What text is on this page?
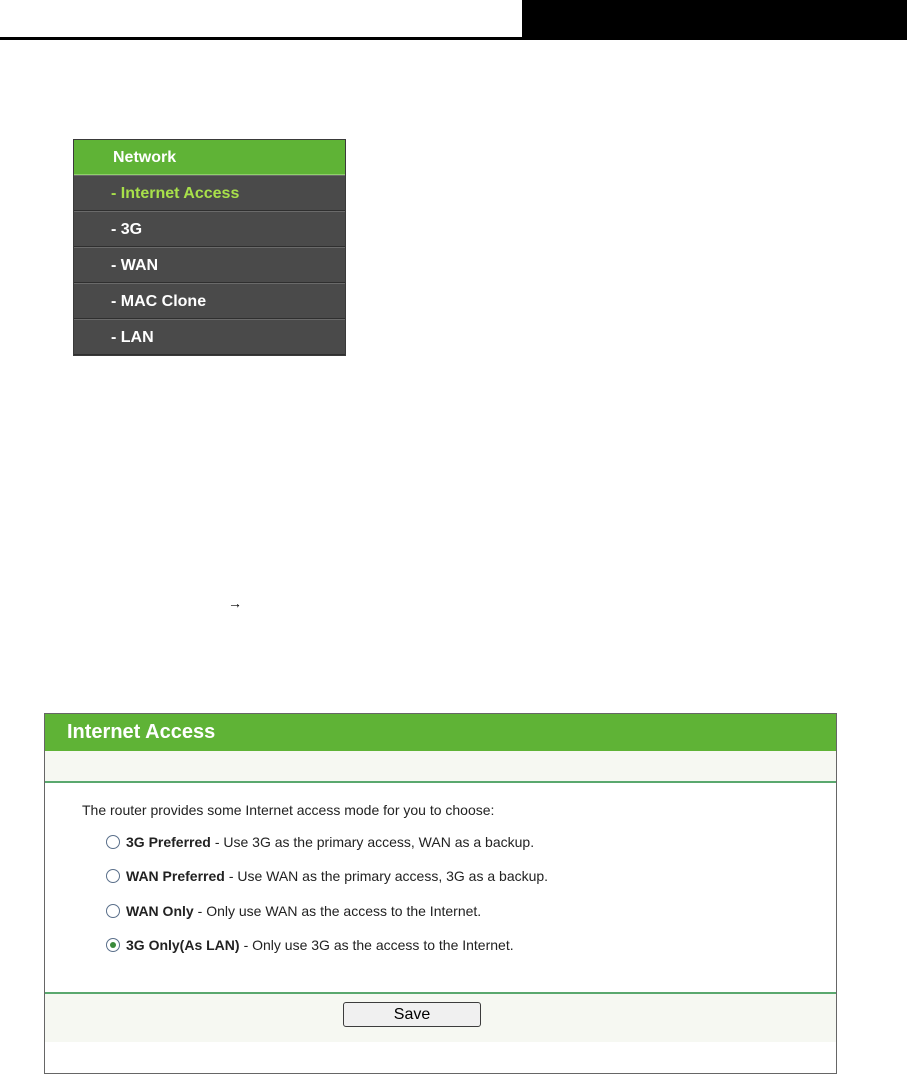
Network
- Internet Access
- 3G
- WAN
- MAC Clone
- LAN
→
Internet Access
The router provides some Internet access mode for you to choose:
3G Preferred - Use 3G as the primary access, WAN as a backup.
WAN Preferred - Use WAN as the primary access, 3G as a backup.
WAN Only - Only use WAN as the access to the Internet.
3G Only(As LAN) - Only use 3G as the access to the Internet.
Save
